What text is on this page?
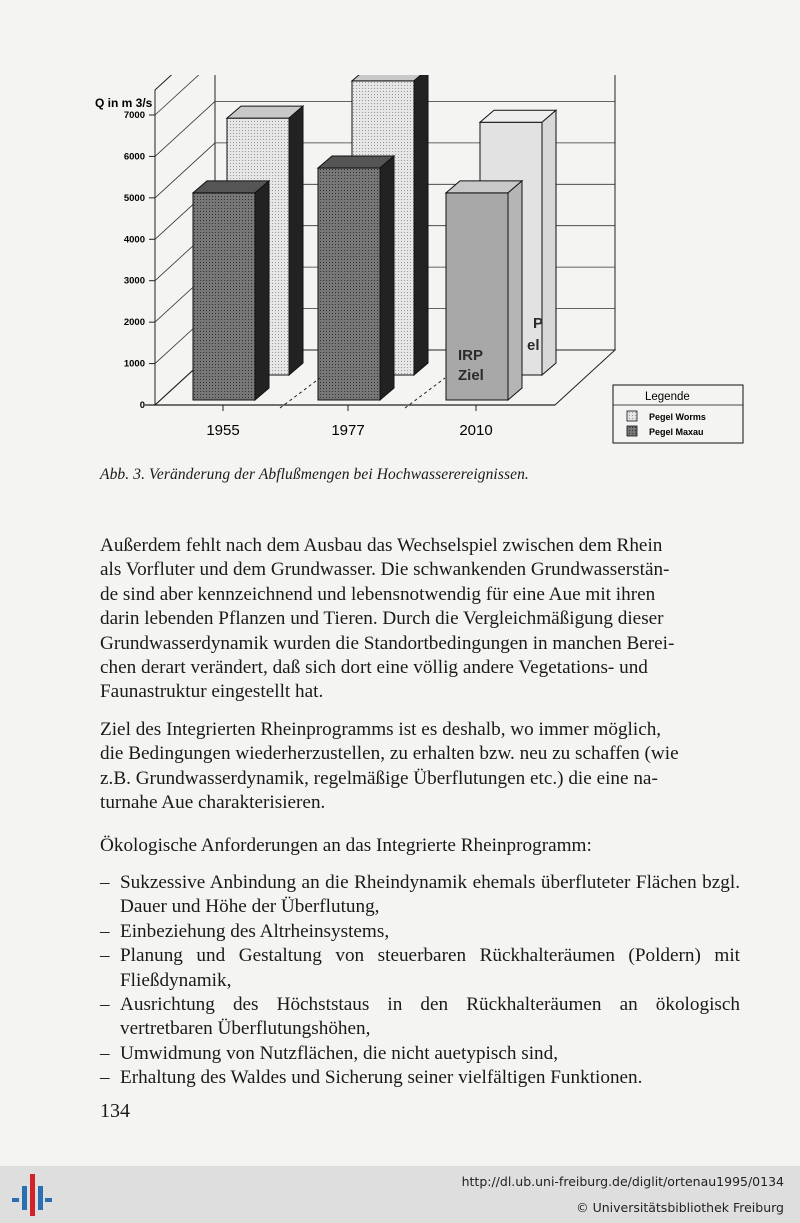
0
1000
2000
3000
4000
5000
6000
7000
Q in m 3/s
1955	1977	2010
IRP Ziel
P el
Legende
Pegel Worms
Pegel Maxau
Abb. 3. Veränderung der Abflußmengen bei Hochwasserereignissen.
Außerdem fehlt nach dem Ausbau das Wechselspiel zwischen dem Rhein
als Vorfluter und dem Grundwasser. Die schwankenden Grundwasserstän-
de sind aber kennzeichnend und lebensnotwendig für eine Aue mit ihren
darin lebenden Pflanzen und Tieren. Durch die Vergleichmäßigung dieser
Grundwasserdynamik wurden die Standortbedingungen in manchen Berei-
chen derart verändert, daß sich dort eine völlig andere Vegetations- und
Faunastruktur eingestellt hat.
Ziel des Integrierten Rheinprogramms ist es deshalb, wo immer möglich,
die Bedingungen wiederherzustellen, zu erhalten bzw. neu zu schaffen (wie
z.B. Grundwasserdynamik, regelmäßige Überflutungen etc.) die eine na-
turnahe Aue charakterisieren.
Ökologische Anforderungen an das Integrierte Rheinprogramm:
– Sukzessive Anbindung an die Rheindynamik ehemals überfluteter Flächen bzgl. Dauer und Höhe der Überflutung,
– Einbeziehung des Altrheinsystems,
– Planung und Gestaltung von steuerbaren Rückhalteräumen (Poldern) mit Fließdynamik,
– Ausrichtung des Höchststaus in den Rückhalteräumen an ökologisch vertretbaren Überflutungshöhen,
– Umwidmung von Nutzflächen, die nicht auetypisch sind,
– Erhaltung des Waldes und Sicherung seiner vielfältigen Funktionen.
134
http://dl.ub.uni-freiburg.de/diglit/ortenau1995/0134
© Universitätsbibliothek Freiburg
